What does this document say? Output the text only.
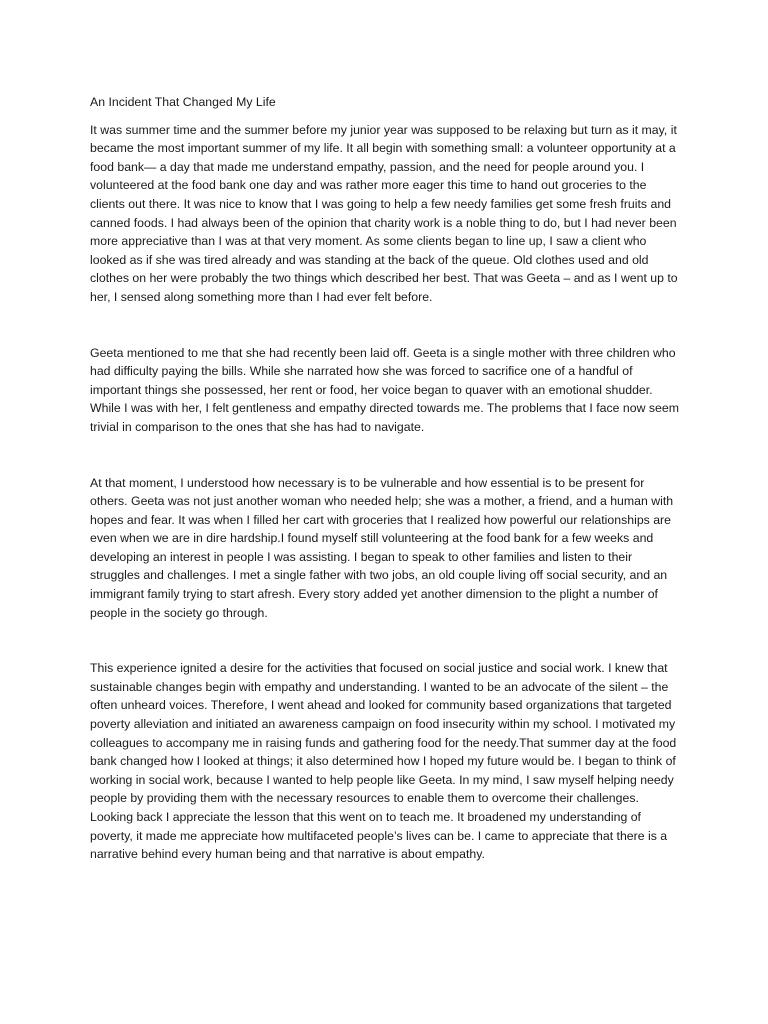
An Incident That Changed My Life

It was summer time and the summer before my junior year was supposed to be relaxing but turn as it may, it became the most important summer of my life. It all begin with something small: a volunteer opportunity at a food bank— a day that made me understand empathy, passion, and the need for people around you. I volunteered at the food bank one day and was rather more eager this time to hand out groceries to the clients out there. It was nice to know that I was going to help a few needy families get some fresh fruits and canned foods. I had always been of the opinion that charity work is a noble thing to do, but I had never been more appreciative than I was at that very moment. As some clients began to line up, I saw a client who looked as if she was tired already and was standing at the back of the queue. Old clothes used and old clothes on her were probably the two things which described her best. That was Geeta – and as I went up to her, I sensed along something more than I had ever felt before.

Geeta mentioned to me that she had recently been laid off. Geeta is a single mother with three children who had difficulty paying the bills. While she narrated how she was forced to sacrifice one of a handful of important things she possessed, her rent or food, her voice began to quaver with an emotional shudder. While I was with her, I felt gentleness and empathy directed towards me. The problems that I face now seem trivial in comparison to the ones that she has had to navigate.

At that moment, I understood how necessary is to be vulnerable and how essential is to be present for others. Geeta was not just another woman who needed help; she was a mother, a friend, and a human with hopes and fear. It was when I filled her cart with groceries that I realized how powerful our relationships are even when we are in dire hardship.I found myself still volunteering at the food bank for a few weeks and developing an interest in people I was assisting. I began to speak to other families and listen to their struggles and challenges. I met a single father with two jobs, an old couple living off social security, and an immigrant family trying to start afresh. Every story added yet another dimension to the plight a number of people in the society go through.

This experience ignited a desire for the activities that focused on social justice and social work. I knew that sustainable changes begin with empathy and understanding. I wanted to be an advocate of the silent – the often unheard voices. Therefore, I went ahead and looked for community based organizations that targeted poverty alleviation and initiated an awareness campaign on food insecurity within my school. I motivated my colleagues to accompany me in raising funds and gathering food for the needy.That summer day at the food bank changed how I looked at things; it also determined how I hoped my future would be. I began to think of working in social work, because I wanted to help people like Geeta. In my mind, I saw myself helping needy people by providing them with the necessary resources to enable them to overcome their challenges. Looking back I appreciate the lesson that this went on to teach me. It broadened my understanding of poverty, it made me appreciate how multifaceted people’s lives can be. I came to appreciate that there is a narrative behind every human being and that narrative is about empathy.
